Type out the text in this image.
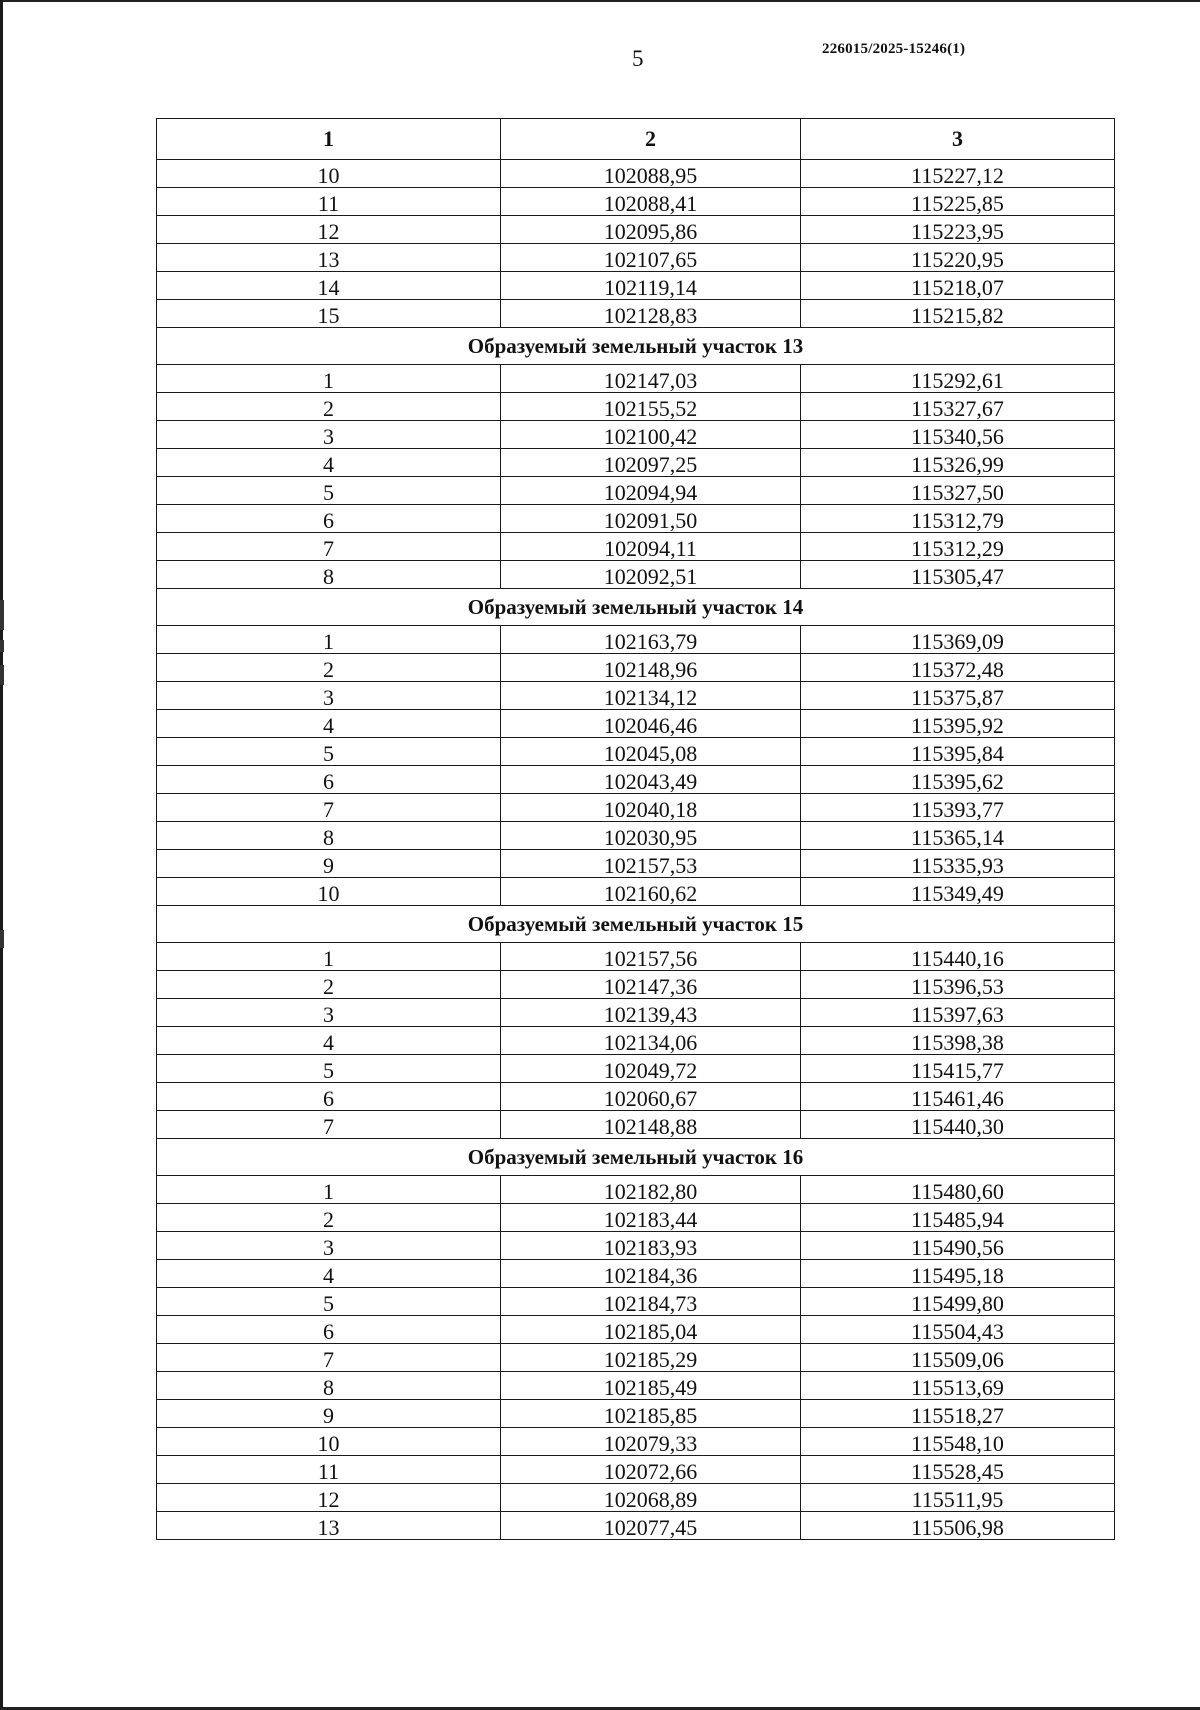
5	226015/2025-15246(1)
1	2	3
10	102088,95	115227,12
11	102088,41	115225,85
12	102095,86	115223,95
13	102107,65	115220,95
14	102119,14	115218,07
15	102128,83	115215,82
Образуемый земельный участок 13		
1	102147,03	115292,61
2	102155,52	115327,67
3	102100,42	115340,56
4	102097,25	115326,99
5	102094,94	115327,50
6	102091,50	115312,79
7	102094,11	115312,29
8	102092,51	115305,47
Образуемый земельный участок 14		
1	102163,79	115369,09
2	102148,96	115372,48
3	102134,12	115375,87
4	102046,46	115395,92
5	102045,08	115395,84
6	102043,49	115395,62
7	102040,18	115393,77
8	102030,95	115365,14
9	102157,53	115335,93
10	102160,62	115349,49
Образуемый земельный участок 15		
1	102157,56	115440,16
2	102147,36	115396,53
3	102139,43	115397,63
4	102134,06	115398,38
5	102049,72	115415,77
6	102060,67	115461,46
7	102148,88	115440,30
Образуемый земельный участок 16		
1	102182,80	115480,60
2	102183,44	115485,94
3	102183,93	115490,56
4	102184,36	115495,18
5	102184,73	115499,80
6	102185,04	115504,43
7	102185,29	115509,06
8	102185,49	115513,69
9	102185,85	115518,27
10	102079,33	115548,10
11	102072,66	115528,45
12	102068,89	115511,95
13	102077,45	115506,98
